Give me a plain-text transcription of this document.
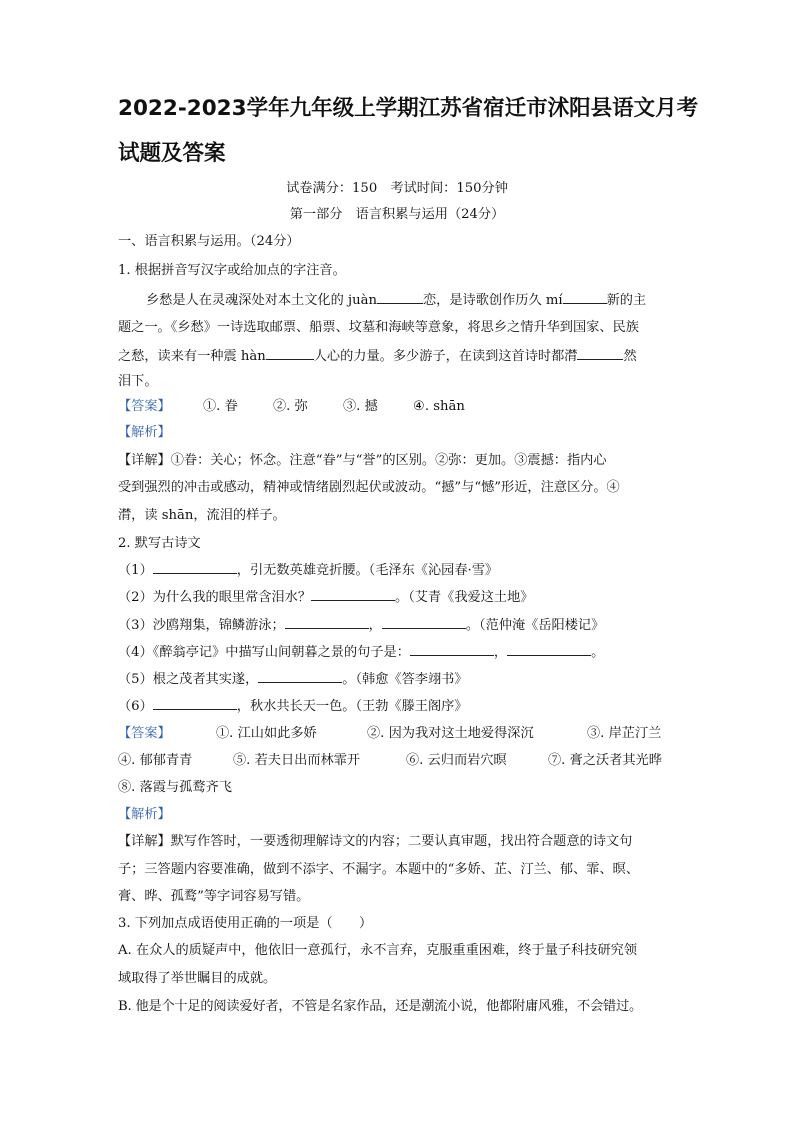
2022-2023学年九年级上学期江苏省宿迁市沭阳县语文月考
试题及答案
试卷满分：150　考试时间：150分钟
第一部分　语言积累与运用（24分）
一、语言积累与运用。（24分）
1. 根据拼音写汉字或给加点的字注音。
乡愁是人在灵魂深处对本土文化的 juàn	恋，是诗歌创作历久 mí	新的主
题之一。《乡愁》一诗选取邮票、船票、坟墓和海峡等意象，将思乡之情升华到国家、民族
之愁，读来有一种震 hàn	人心的力量。多少游子，在读到这首诗时都潸	然
泪下。
【答案】	①. 眷	②. 弥	③. 撼	④. shān
【解析】
【详解】①眷：关心；怀念。注意“眷”与“誉”的区别。②弥：更加。③震撼：指内心
受到强烈的冲击或感动，精神或情绪剧烈起伏或波动。“撼”与“憾”形近，注意区分。④
潸，读 shān，流泪的样子。
2. 默写古诗文
（1）	，引无数英雄竞折腰。（毛泽东《沁园春·雪》
（2）为什么我的眼里常含泪水？	。（艾青《我爱这土地》
（3）沙鸥翔集，锦鳞游泳；	，	。（范仲淹《岳阳楼记》
（4）《醉翁亭记》中描写山间朝暮之景的句子是：	，	。
（5）根之茂者其实遂，	。（韩愈《答李翊书》
（6）	，秋水共长天一色。（王勃《滕王阁序》
【答案】	①. 江山如此多娇	②. 因为我对这土地爱得深沉	③. 岸芷汀兰
④. 郁郁青青	⑤. 若夫日出而林霏开	⑥. 云归而岩穴暝	⑦. 膏之沃者其光晔
⑧. 落霞与孤鹜齐飞
【解析】
【详解】默写作答时，一要透彻理解诗文的内容；二要认真审题，找出符合题意的诗文句
子；三答题内容要准确，做到不添字、不漏字。本题中的“多娇、芷、汀兰、郁、霏、暝、
膏、晔、孤鹜”等字词容易写错。
3. 下列加点成语使用正确的一项是（　　）
A. 在众人的质疑声中，他依旧一意孤行，永不言弃，克服重重困难，终于量子科技研究领
域取得了举世瞩目的成就。
B. 他是个十足的阅读爱好者，不管是名家作品，还是潮流小说，他都附庸风雅，不会错过。
